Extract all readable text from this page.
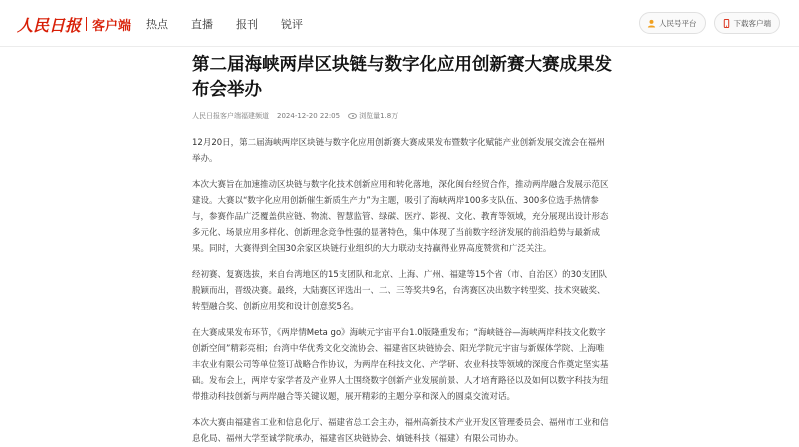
人民日报 客户端 热点 直播 报刊 锐评	人民号平台	下载客户端
第二届海峡两岸区块链与数字化应用创新赛大赛成果发布会举办
人民日报客户端福建频道 2024-12-20 22:05	浏览量1.8万

12月20日，第二届海峡两岸区块链与数字化应用创新赛大赛成果发布暨数字化赋能产业创新发展交流会在福州举办。

本次大赛旨在加速推动区块链与数字化技术创新应用和转化落地，深化闽台经贸合作，推动两岸融合发展示范区建设。大赛以“数字化应用创新催生新质生产力”为主题，吸引了海峡两岸100多支队伍、300多位选手热情参与，参赛作品广泛覆盖供应链、物流、智慧监管、绿碳、医疗、影视、文化、教育等领域，充分展现出设计形态多元化、场景应用多样化、创新理念竞争性强的显著特色，集中体现了当前数字经济发展的前沿趋势与最新成果。同时，大赛得到全国30余家区块链行业组织的大力联动支持赢得业界高度赞赏和广泛关注。

经初赛、复赛选拔，来自台湾地区的15支团队和北京、上海、广州、福建等15个省（市、自治区）的30支团队脱颖而出，晋级决赛。最终，大陆赛区评选出一、二、三等奖共9名，台湾赛区决出数字转型奖、技术突破奖、转型融合奖、创新应用奖和设计创意奖5名。

在大赛成果发布环节，《两岸情Meta go》海峡元宇宙平台1.0版隆重发布；“海峡链谷—海峡两岸科技文化数字创新空间”精彩亮相；台湾中华优秀文化交流协会、福建省区块链协会、阳光学院元宇宙与新媒体学院、上海唯丰农业有限公司等单位签订战略合作协议，为两岸在科技文化、产学研、农业科技等领域的深度合作奠定坚实基础。发布会上，两岸专家学者及产业界人士围绕数字创新产业发展前景、人才培育路径以及如何以数字科技为纽带推动科技创新与两岸融合等关键议题，展开精彩的主题分享和深入的圆桌交流对话。

本次大赛由福建省工业和信息化厅、福建省总工会主办，福州高新技术产业开发区管理委员会、福州市工业和信息化局、福州大学至诚学院承办，福建省区块链协会、熵链科技（福建）有限公司协办。
